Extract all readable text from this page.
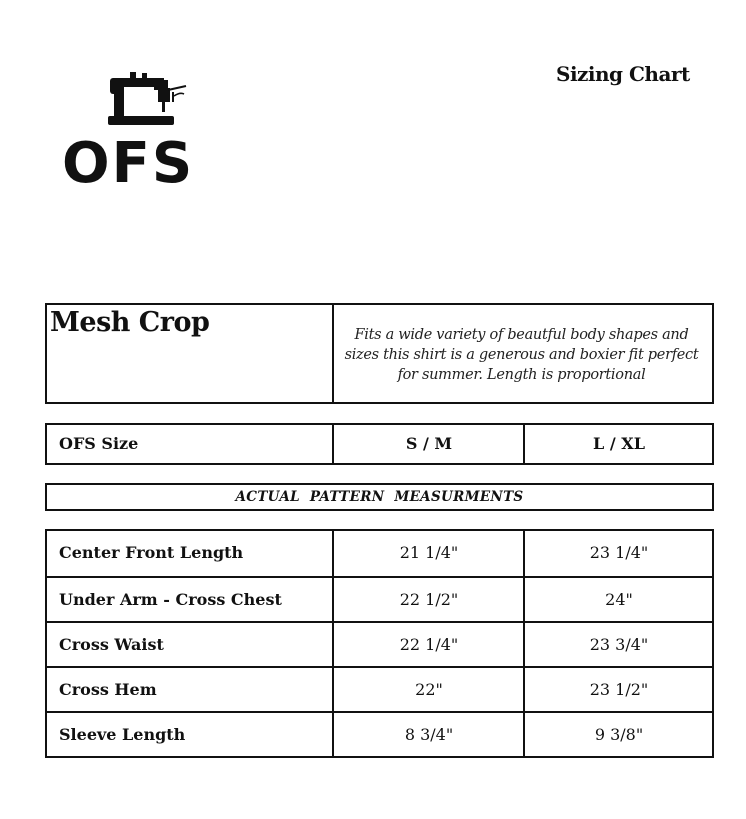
OFS
Sizing Chart
Mesh Crop	Fits a wide variety of beautful body shapes and sizes this shirt is a generous and boxier fit perfect for summer. Length is proportional
OFS Size	S / M	L / XL
ACTUAL PATTERN MEASURMENTS
Center Front Length	21 1/4"	23 1/4"
Under Arm - Cross Chest	22 1/2"	24"
Cross Waist	22 1/4"	23 3/4"
Cross Hem	22"	23 1/2"
Sleeve Length	8 3/4"	9 3/8"
